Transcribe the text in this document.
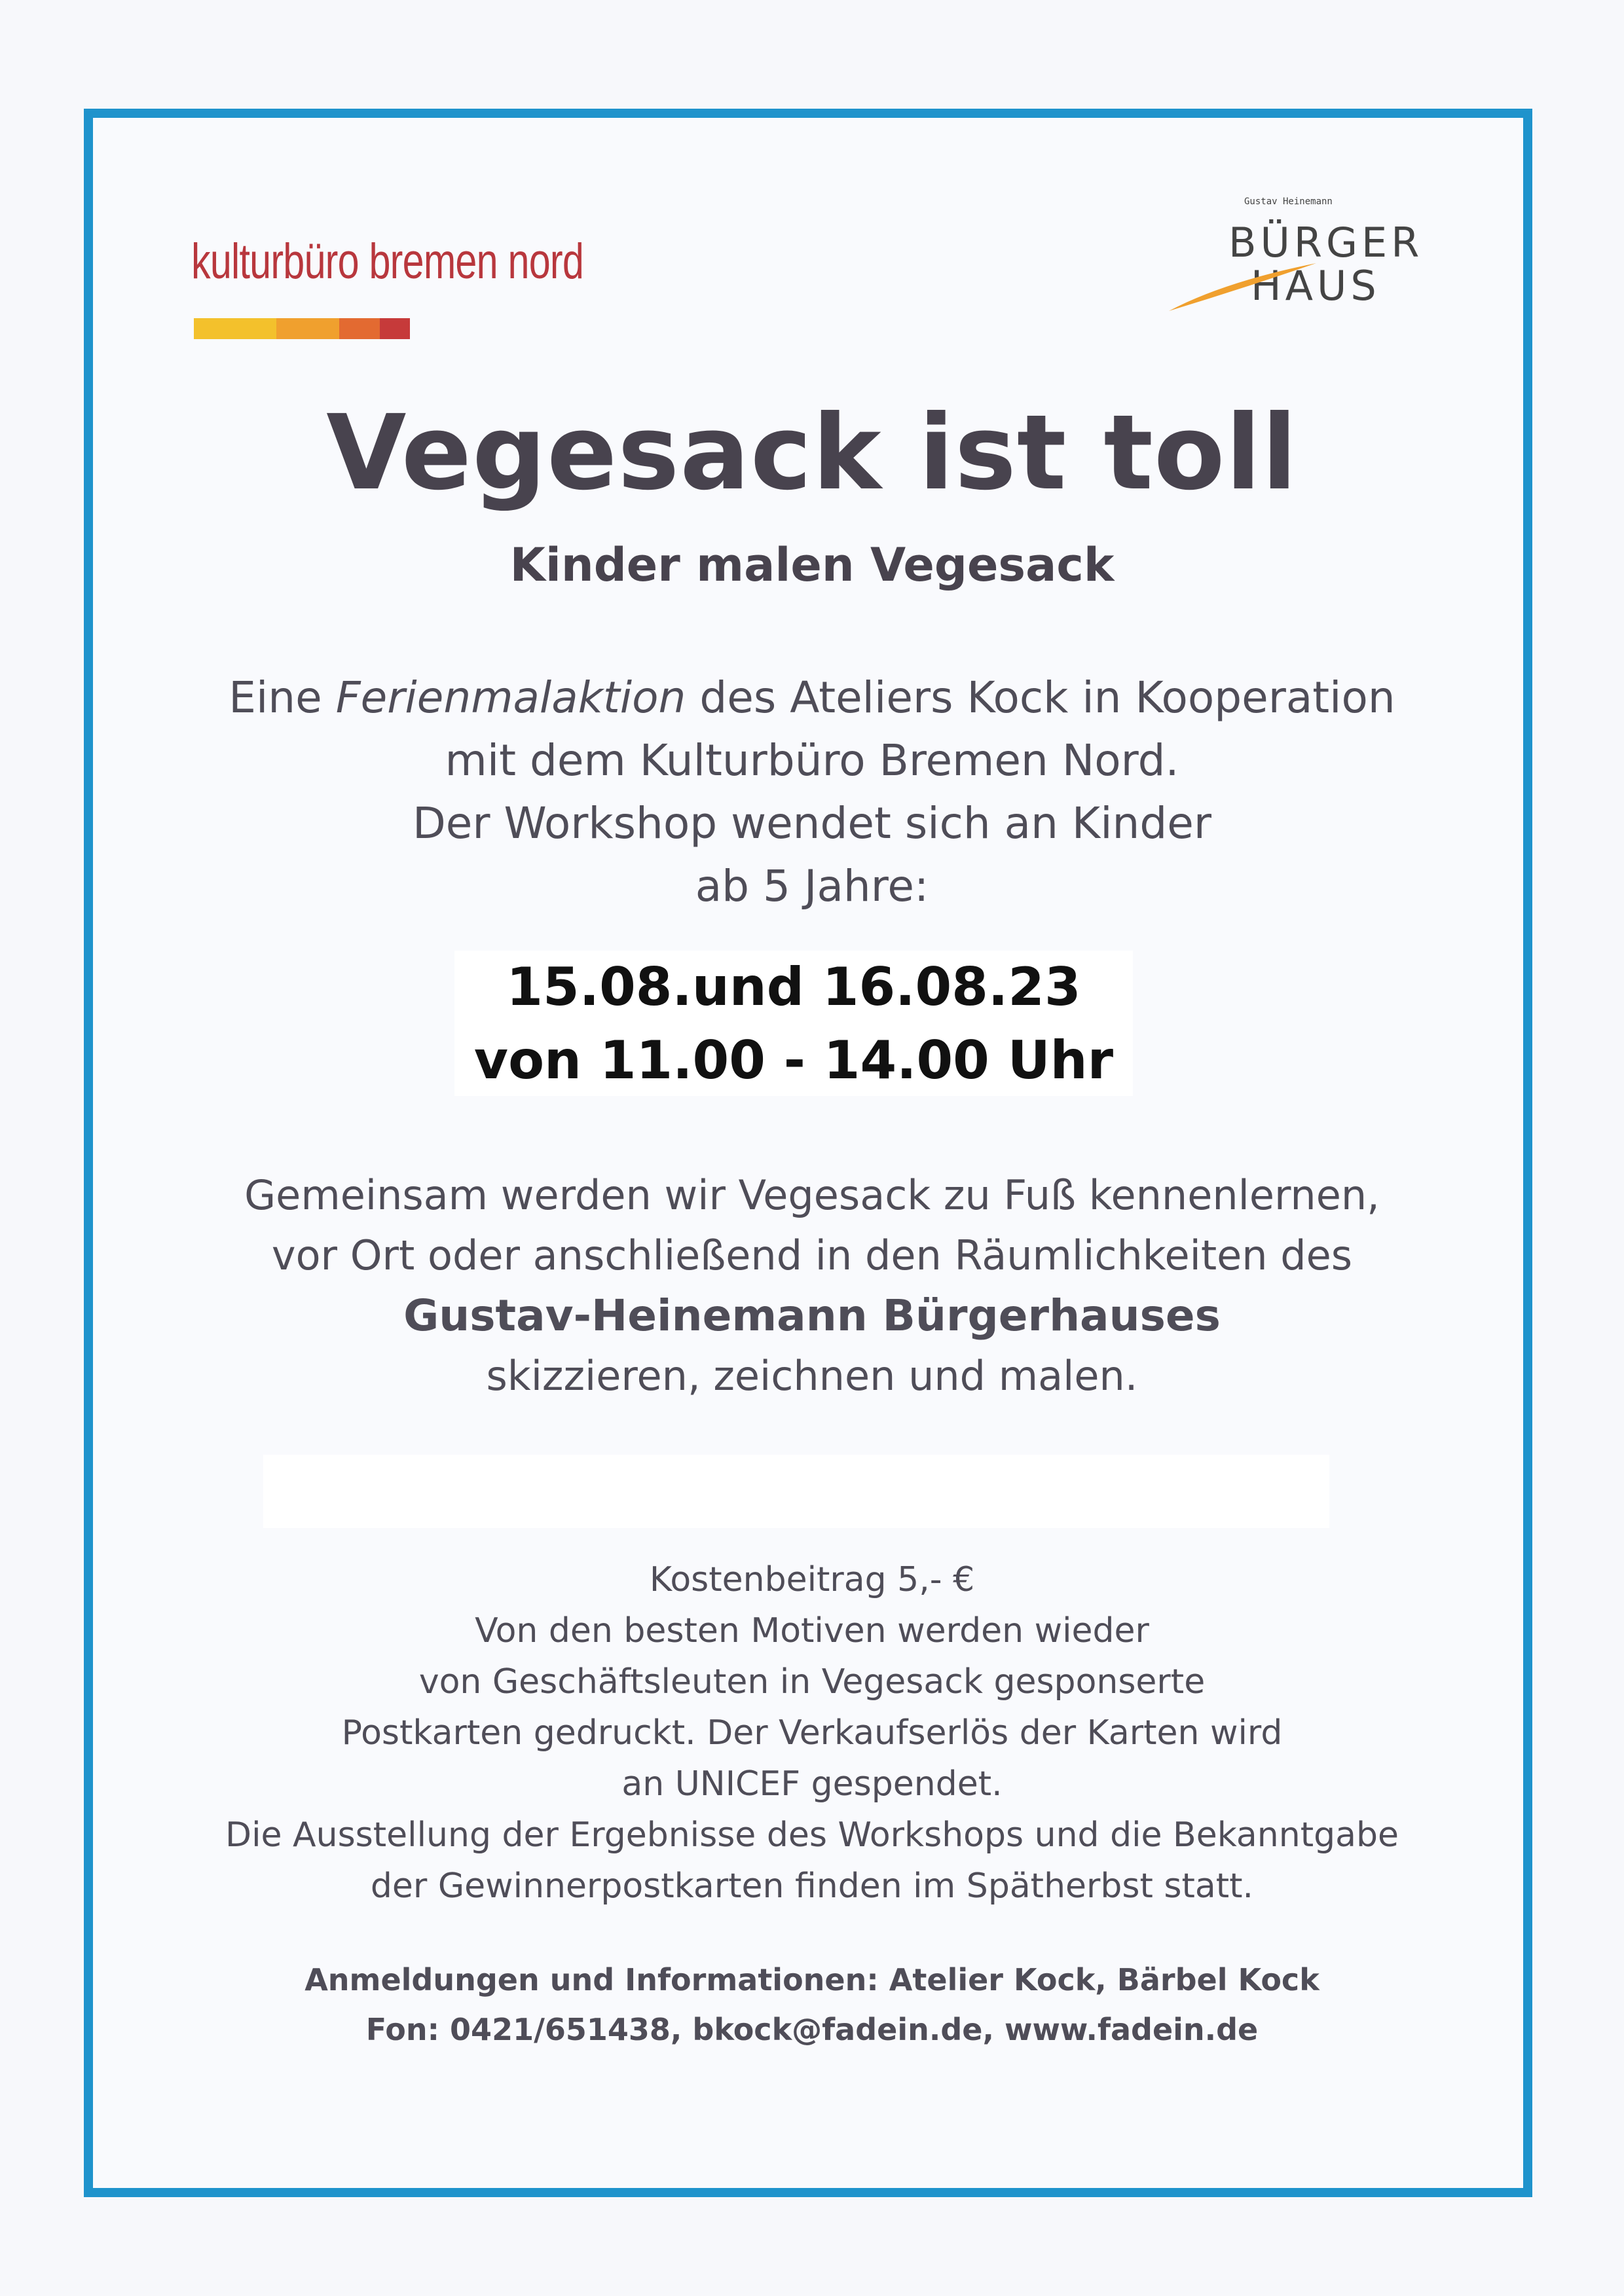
kulturbüro bremen nord
Gustav Heinemann
BÜRGER
HAUS
Vegesack ist toll
Kinder malen Vegesack
Eine Ferienmalaktion des Ateliers Kock in Kooperation
mit dem Kulturbüro Bremen Nord.
Der Workshop wendet sich an Kinder
ab 5 Jahre:
15.08.und 16.08.23
von 11.00 - 14.00 Uhr
Gemeinsam werden wir Vegesack zu Fuß kennenlernen,
vor Ort oder anschließend in den Räumlichkeiten des
Gustav-Heinemann Bürgerhauses
skizzieren, zeichnen und malen.
Kostenbeitrag 5,- €
Von den besten Motiven werden wieder
von Geschäftsleuten in Vegesack gesponserte
Postkarten gedruckt. Der Verkaufserlös der Karten wird
an UNICEF gespendet.
Die Ausstellung der Ergebnisse des Workshops und die Bekanntgabe
der Gewinnerpostkarten finden im Spätherbst statt.
Anmeldungen und Informationen: Atelier Kock, Bärbel Kock
Fon: 0421/651438, bkock@fadein.de, www.fadein.de
